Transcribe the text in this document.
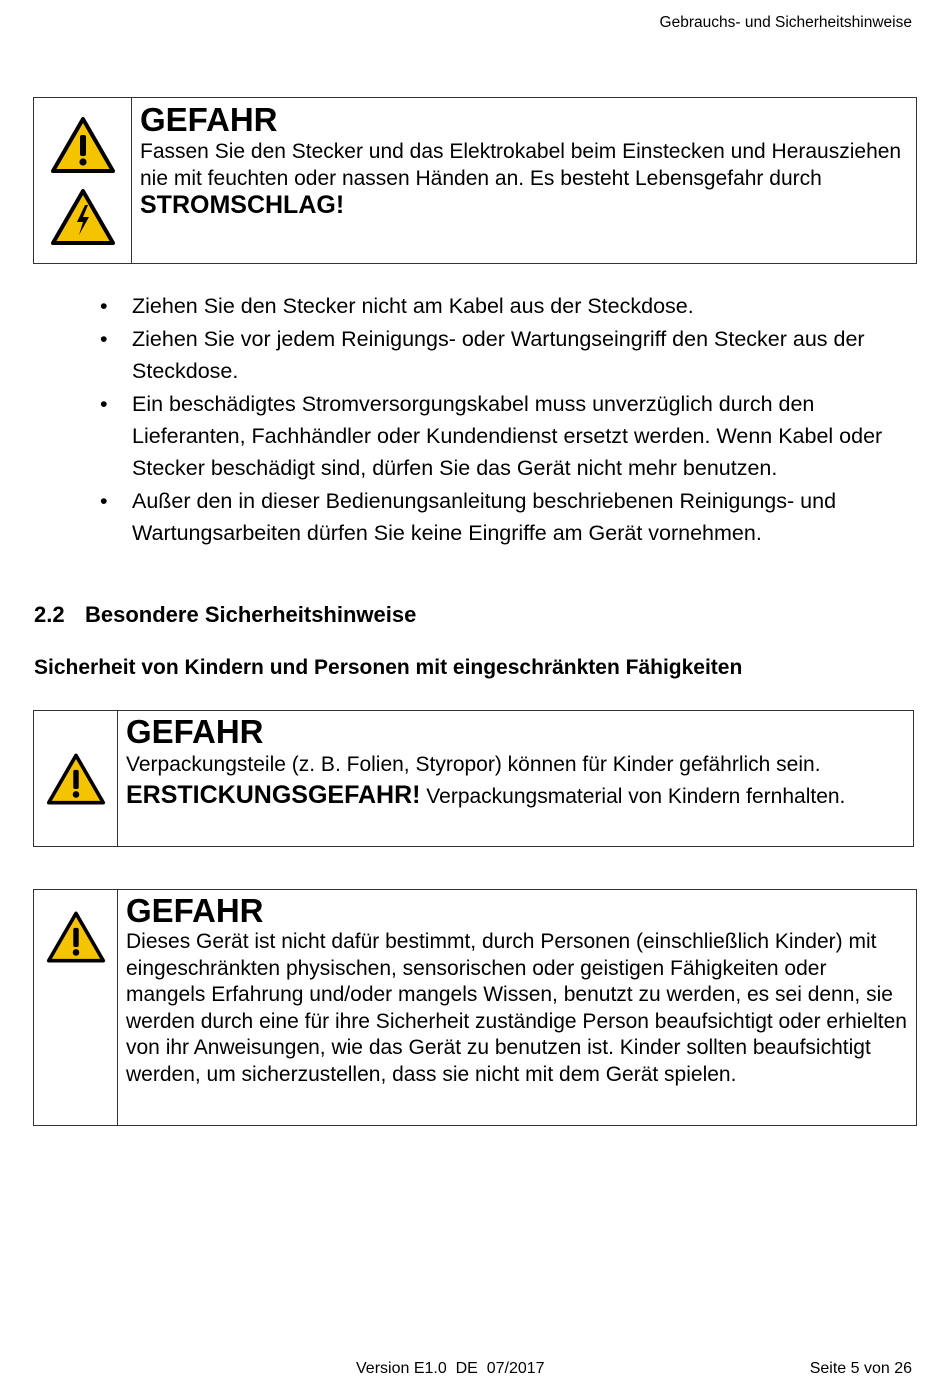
Gebrauchs- und Sicherheitshinweise
GEFAHR
Fassen Sie den Stecker und das Elektrokabel beim Einstecken und Herausziehen nie mit feuchten oder nassen Händen an. Es besteht Lebensgefahr durch STROMSCHLAG!
• Ziehen Sie den Stecker nicht am Kabel aus der Steckdose.
• Ziehen Sie vor jedem Reinigungs- oder Wartungseingriff den Stecker aus der Steckdose.
• Ein beschädigtes Stromversorgungskabel muss unverzüglich durch den Lieferanten, Fachhändler oder Kundendienst ersetzt werden. Wenn Kabel oder Stecker beschädigt sind, dürfen Sie das Gerät nicht mehr benutzen.
• Außer den in dieser Bedienungsanleitung beschriebenen Reinigungs- und Wartungsarbeiten dürfen Sie keine Eingriffe am Gerät vornehmen.
2.2 Besondere Sicherheitshinweise
Sicherheit von Kindern und Personen mit eingeschränkten Fähigkeiten
GEFAHR
Verpackungsteile (z. B. Folien, Styropor) können für Kinder gefährlich sein. ERSTICKUNGSGEFAHR! Verpackungsmaterial von Kindern fernhalten.
GEFAHR
Dieses Gerät ist nicht dafür bestimmt, durch Personen (einschließlich Kinder) mit eingeschränkten physischen, sensorischen oder geistigen Fähigkeiten oder mangels Erfahrung und/oder mangels Wissen, benutzt zu werden, es sei denn, sie werden durch eine für ihre Sicherheit zuständige Person beaufsichtigt oder erhielten von ihr Anweisungen, wie das Gerät zu benutzen ist. Kinder sollten beaufsichtigt werden, um sicherzustellen, dass sie nicht mit dem Gerät spielen.
Version E1.0  DE  07/2017	Seite 5 von 26
